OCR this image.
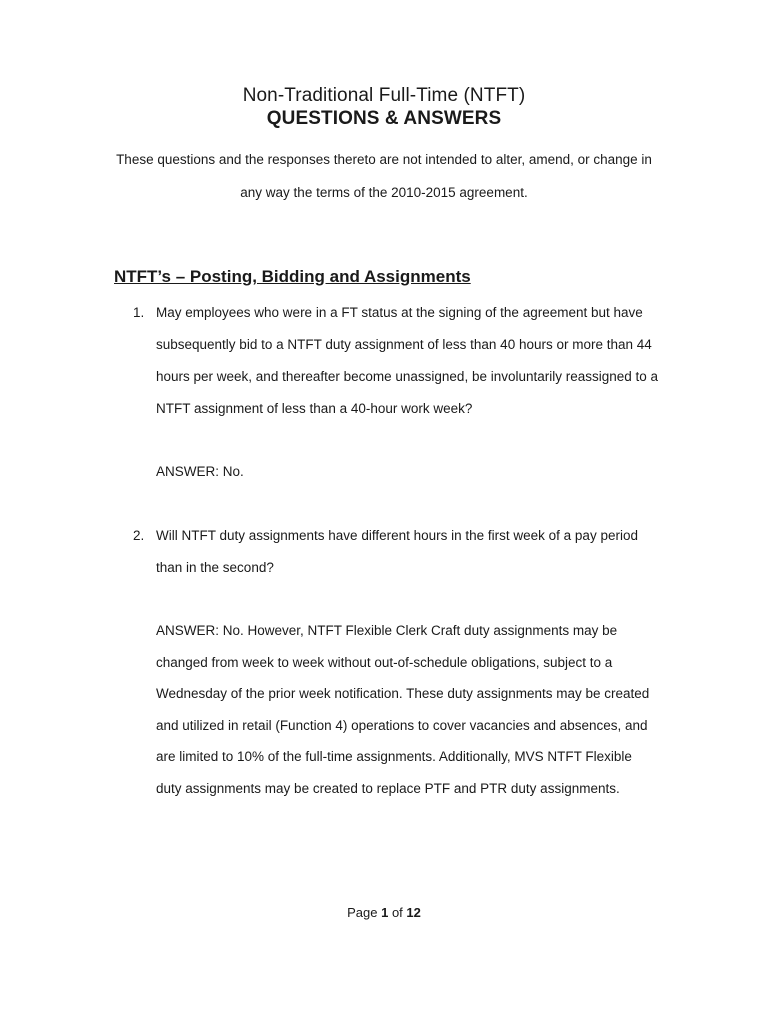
Non-Traditional Full-Time (NTFT)
QUESTIONS & ANSWERS
These questions and the responses thereto are not intended to alter, amend, or change in
any way the terms of the 2010-2015 agreement.
NTFT’s – Posting, Bidding and Assignments
1. May employees who were in a FT status at the signing of the agreement but have
subsequently bid to a NTFT duty assignment of less than 40 hours or more than 44
hours per week, and thereafter become unassigned, be involuntarily reassigned to a
NTFT assignment of less than a 40-hour work week?
ANSWER: No.
2. Will NTFT duty assignments have different hours in the first week of a pay period
than in the second?
ANSWER: No. However, NTFT Flexible Clerk Craft duty assignments may be
changed from week to week without out-of-schedule obligations, subject to a
Wednesday of the prior week notification. These duty assignments may be created
and utilized in retail (Function 4) operations to cover vacancies and absences, and
are limited to 10% of the full-time assignments. Additionally, MVS NTFT Flexible
duty assignments may be created to replace PTF and PTR duty assignments.
Page 1 of 12
